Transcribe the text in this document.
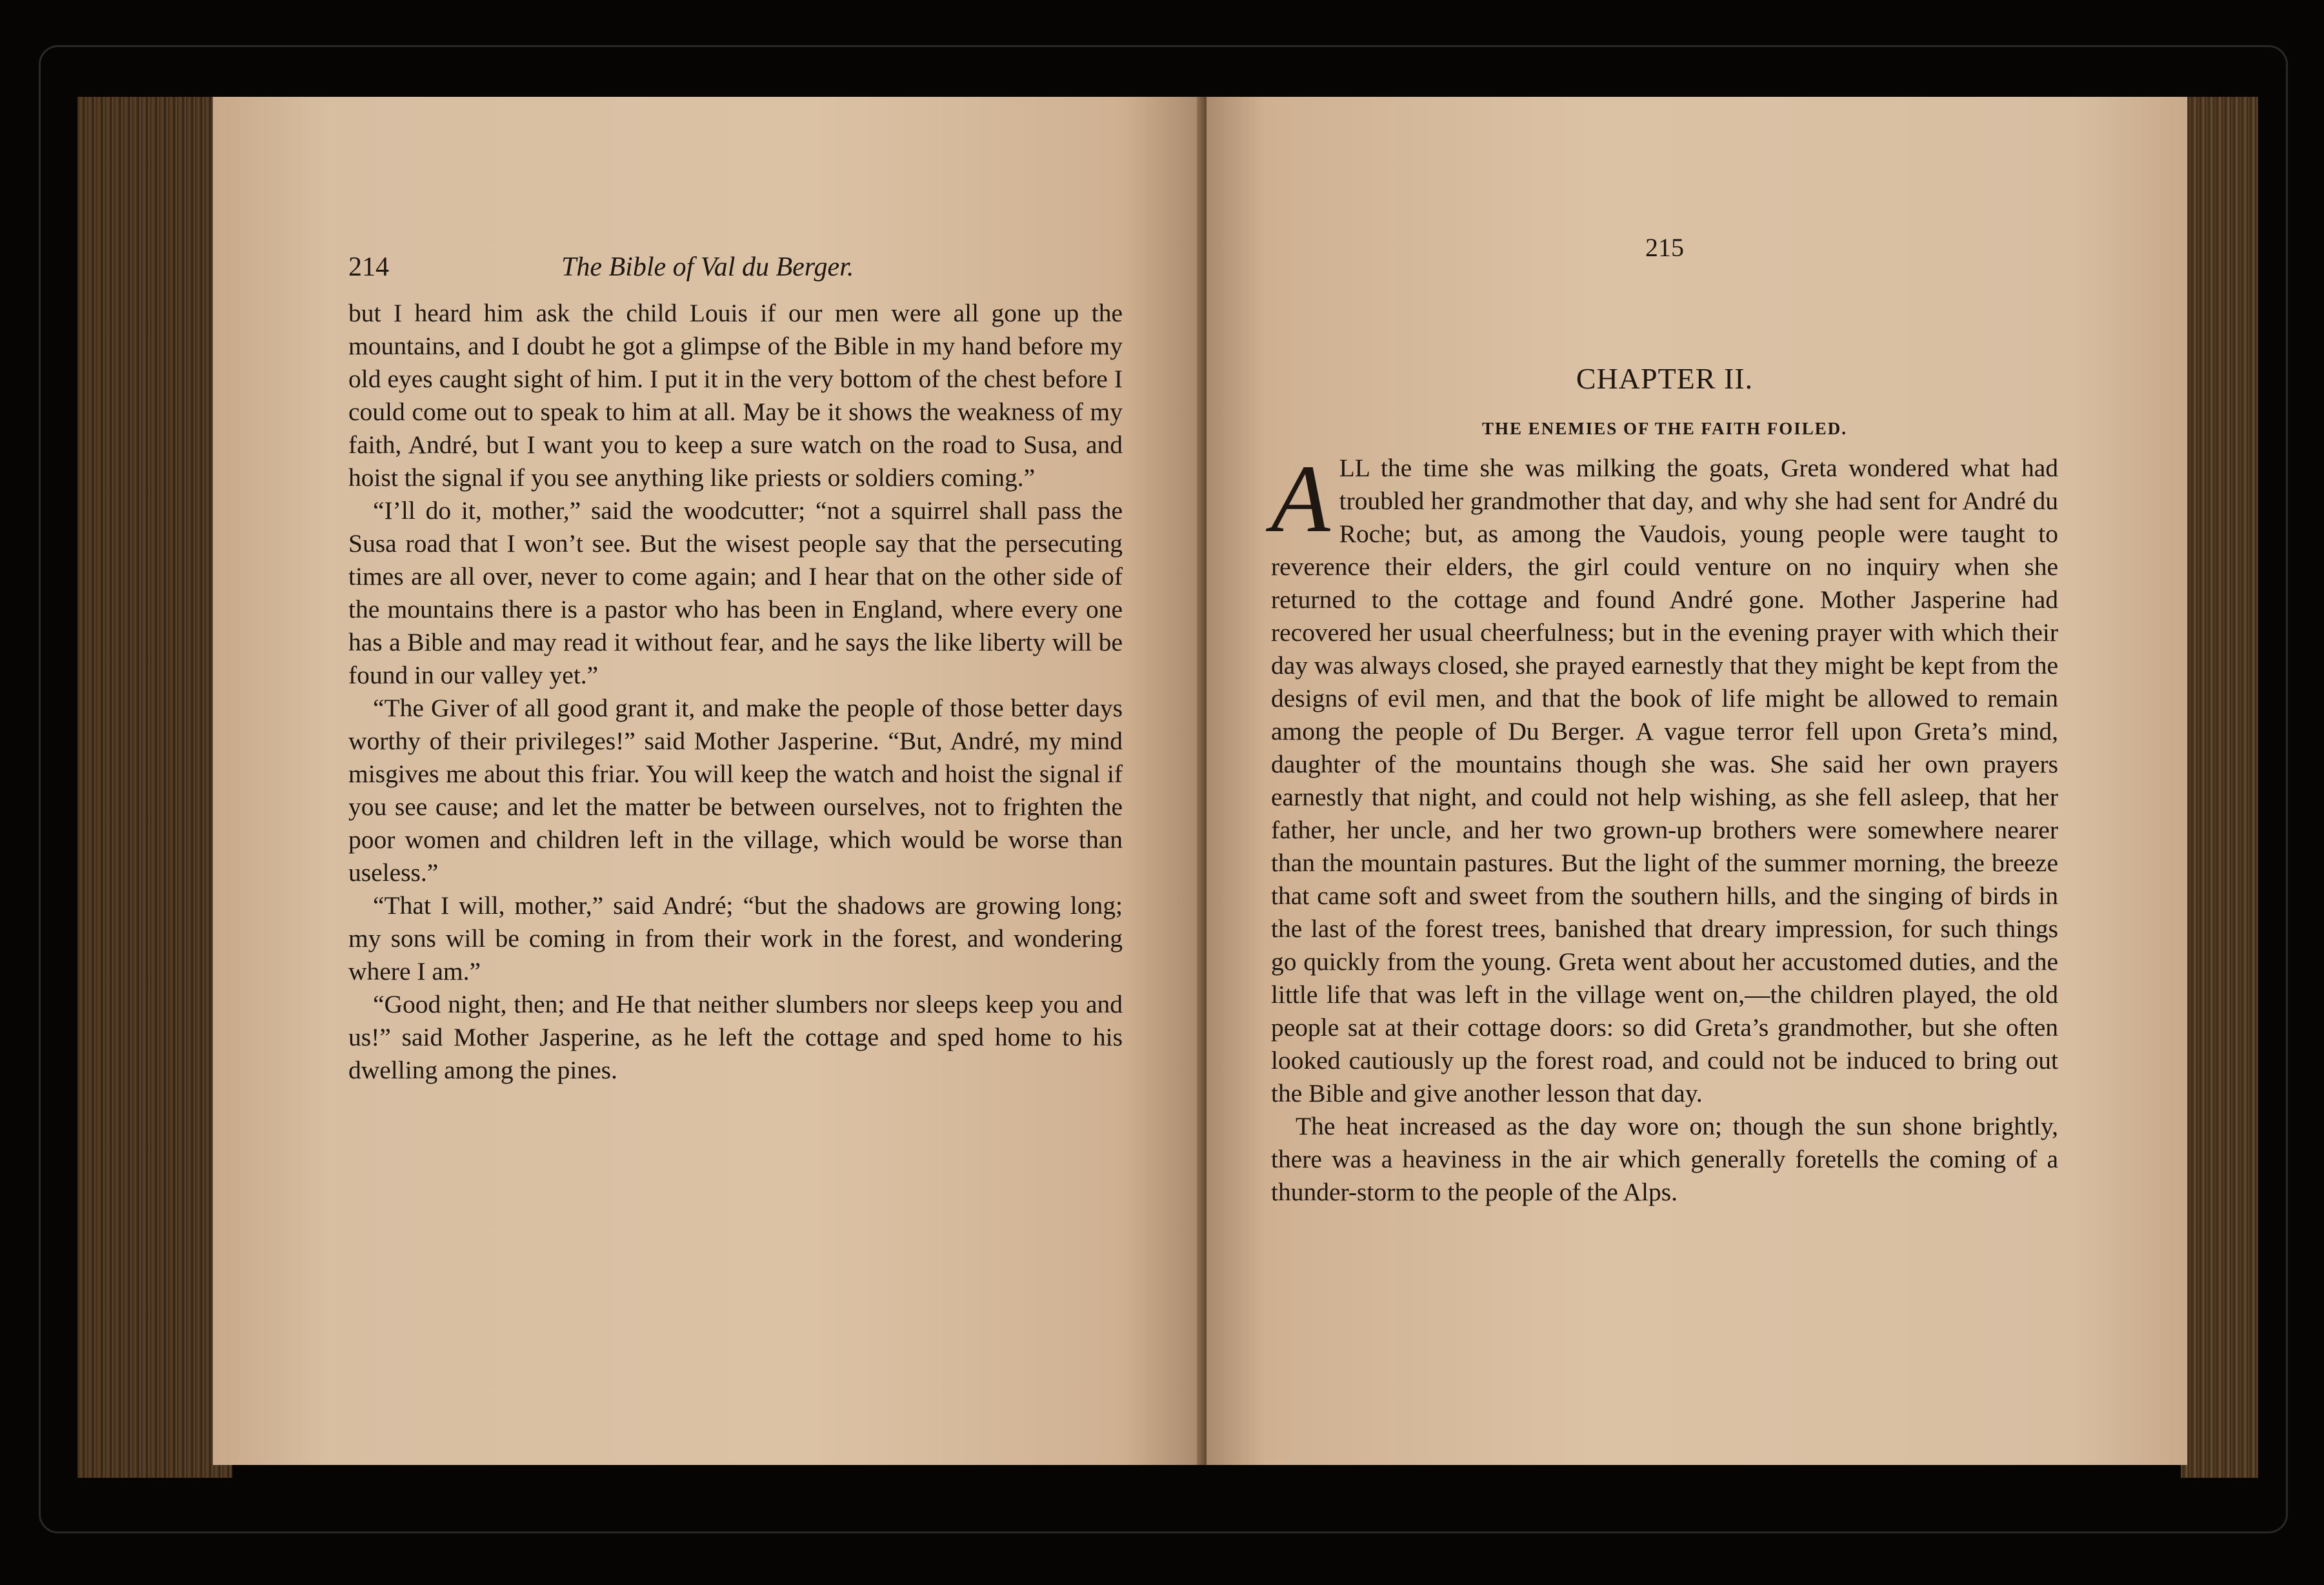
214	The Bible of Val du Berger.

but I heard him ask the child Louis if our men were all gone up the mountains, and I doubt he got a glimpse of the Bible in my hand before my old eyes caught sight of him. I put it in the very bottom of the chest before I could come out to speak to him at all. May be it shows the weakness of my faith, André, but I want you to keep a sure watch on the road to Susa, and hoist the signal if you see anything like priests or soldiers coming.”

“I’ll do it, mother,” said the woodcutter; “not a squirrel shall pass the Susa road that I won’t see. But the wisest people say that the persecuting times are all over, never to come again; and I hear that on the other side of the mountains there is a pastor who has been in England, where every one has a Bible and may read it without fear, and he says the like liberty will be found in our valley yet.”

“The Giver of all good grant it, and make the people of those better days worthy of their privileges!” said Mother Jasperine. “But, André, my mind misgives me about this friar. You will keep the watch and hoist the signal if you see cause; and let the matter be between ourselves, not to frighten the poor women and children left in the village, which would be worse than useless.”

“That I will, mother,” said André; “but the shadows are growing long; my sons will be coming in from their work in the forest, and wondering where I am.”

“Good night, then; and He that neither slumbers nor sleeps keep you and us!” said Mother Jasperine, as he left the cottage and sped home to his dwelling among the pines.

215
CHAPTER II.
THE ENEMIES OF THE FAITH FOILED.

ALL the time she was milking the goats, Greta wondered what had troubled her grandmother that day, and why she had sent for André du Roche; but, as among the Vaudois, young people were taught to reverence their elders, the girl could venture on no inquiry when she returned to the cottage and found André gone. Mother Jasperine had recovered her usual cheerfulness; but in the evening prayer with which their day was always closed, she prayed earnestly that they might be kept from the designs of evil men, and that the book of life might be allowed to remain among the people of Du Berger. A vague terror fell upon Greta’s mind, daughter of the mountains though she was. She said her own prayers earnestly that night, and could not help wishing, as she fell asleep, that her father, her uncle, and her two grown-up brothers were somewhere nearer than the mountain pastures. But the light of the summer morning, the breeze that came soft and sweet from the southern hills, and the singing of birds in the last of the forest trees, banished that dreary impression, for such things go quickly from the young. Greta went about her accustomed duties, and the little life that was left in the village went on,—the children played, the old people sat at their cottage doors: so did Greta’s grandmother, but she often looked cautiously up the forest road, and could not be induced to bring out the Bible and give another lesson that day.

The heat increased as the day wore on; though the sun shone brightly, there was a heaviness in the air which generally foretells the coming of a thunder-storm to the people of the Alps.
